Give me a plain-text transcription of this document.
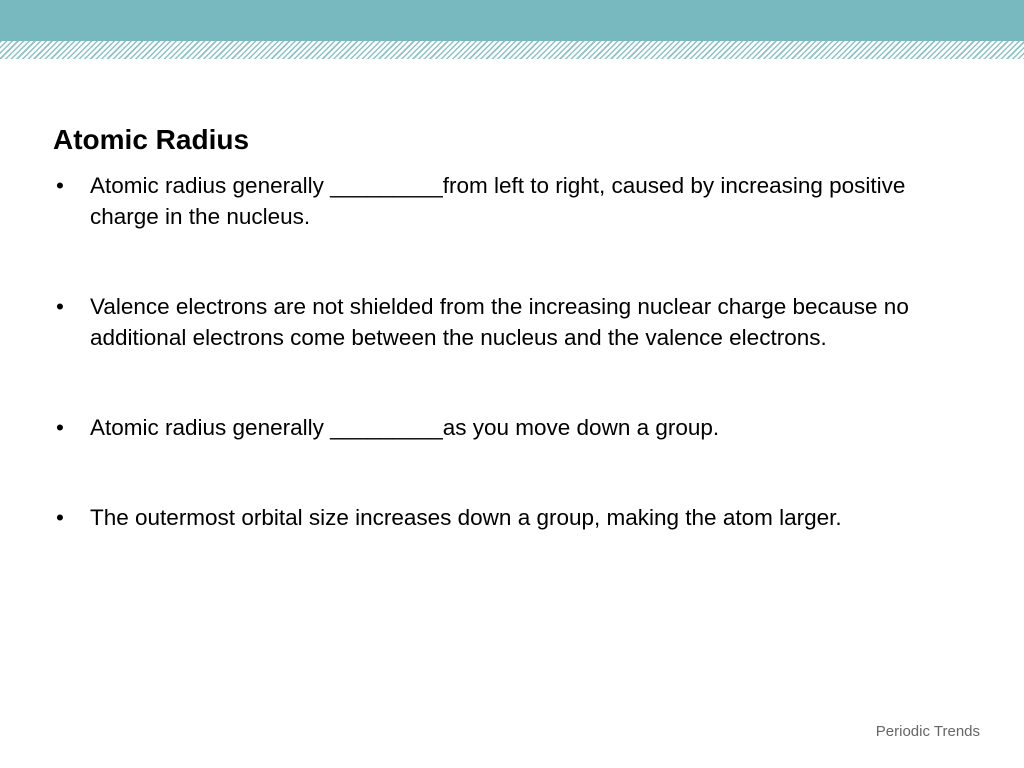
Atomic Radius
• Atomic radius generally _________from left to right, caused by increasing positive charge in the nucleus.
• Valence electrons are not shielded from the increasing nuclear charge because no additional electrons come between the nucleus and the valence electrons.
• Atomic radius generally _________as you move down a group.
• The outermost orbital size increases down a group, making the atom larger.
Periodic Trends
